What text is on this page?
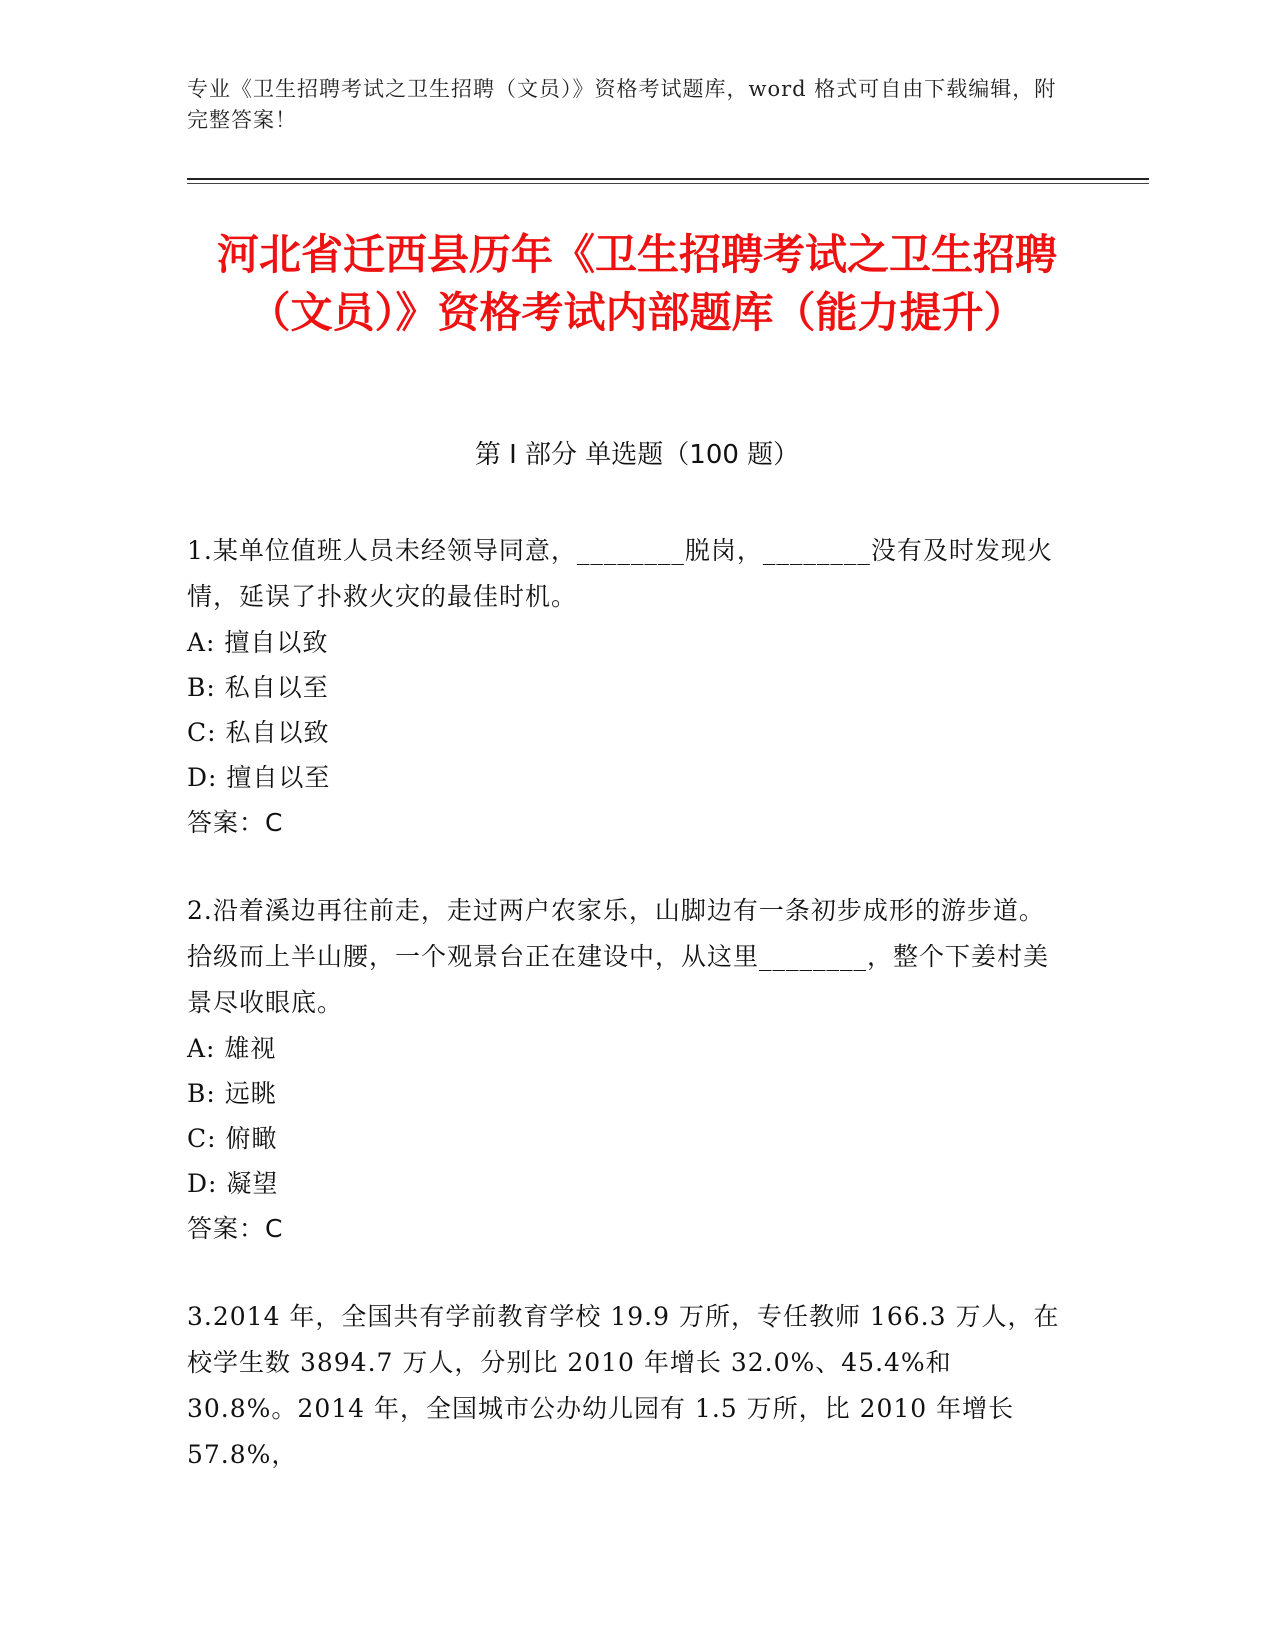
专业《卫生招聘考试之卫生招聘（文员）》资格考试题库，word 格式可自由下载编辑，附完整答案！
河北省迁西县历年《卫生招聘考试之卫生招聘（文员）》资格考试内部题库（能力提升）
第 I 部分 单选题（100 题）

1.某单位值班人员未经领导同意，________脱岗，________没有及时发现火情，延误了扑救火灾的最佳时机。

A: 擅自以致

B: 私自以至

C: 私自以致

D: 擅自以至

答案：C

2.沿着溪边再往前走，走过两户农家乐，山脚边有一条初步成形的游步道。拾级而上半山腰，一个观景台正在建设中，从这里________，整个下姜村美景尽收眼底。

A: 雄视

B: 远眺

C: 俯瞰

D: 凝望

答案：C

3.2014 年，全国共有学前教育学校 19.9 万所，专任教师 166.3 万人，在校学生数 3894.7 万人，分别比 2010 年增长 32.0%、45.4%和 30.8%。2014 年，全国城市公办幼儿园有 1.5 万所，比 2010 年增长 57.8%，
